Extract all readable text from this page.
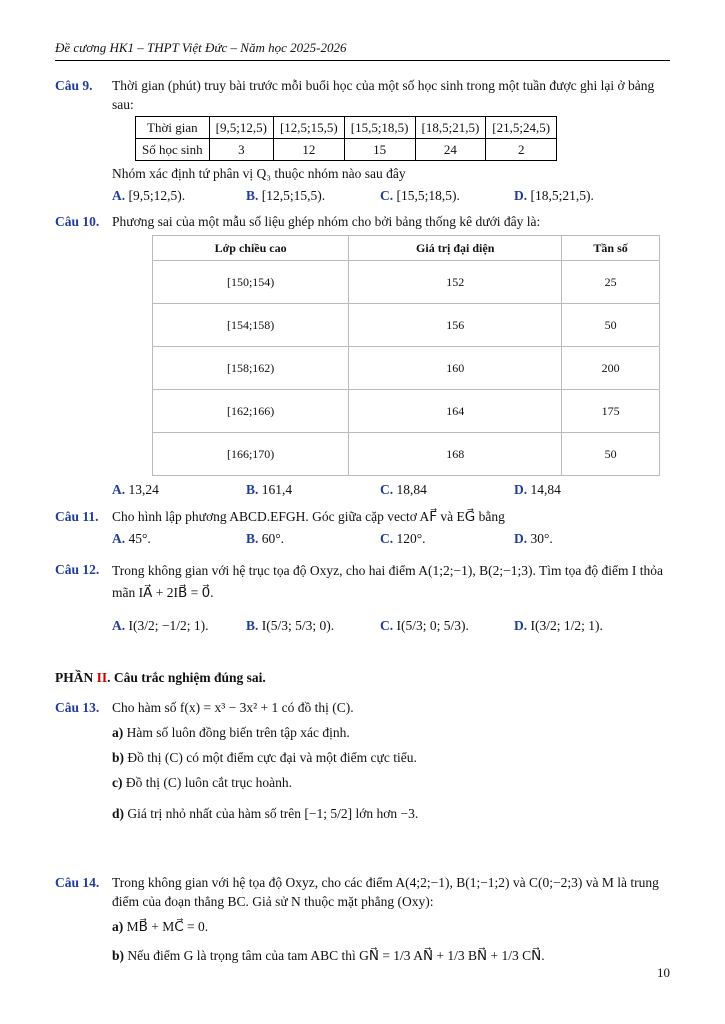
Đề cương HK1 – THPT Việt Đức – Năm học 2025-2026
Câu 9. Thời gian (phút) truy bài trước mỗi buổi học của một số học sinh trong một tuần được ghi lại ở bảng sau:
Thời gian	[9,5;12,5)	[12,5;15,5)	[15,5;18,5)	[18,5;21,5)	[21,5;24,5)
Số học sinh	3	12	15	24	2
Nhóm xác định tứ phân vị Q₃ thuộc nhóm nào sau đây
A. [9,5;12,5).	B. [12,5;15,5).	C. [15,5;18,5).	D. [18,5;21,5).
Câu 10. Phương sai của một mẫu số liệu ghép nhóm cho bởi bảng thống kê dưới đây là:
Lớp chiều cao	Giá trị đại diện	Tần số
[150;154)	152	25
[154;158)	156	50
[158;162)	160	200
[162;166)	164	175
[166;170)	168	50
A. 13,24	B. 161,4	C. 18,84	D. 14,84
Câu 11. Cho hình lập phương ABCD.EFGH. Góc giữa cặp vectơ AF⃗ và EG⃗ bằng
A. 45°.	B. 60°.	C. 120°.	D. 30°.
Câu 12. Trong không gian với hệ trục tọa độ Oxyz, cho hai điểm A(1;2;−1), B(2;−1;3). Tìm tọa độ điểm I thỏa mãn IA⃗ + 2IB⃗ = 0⃗.
A. I(3/2; −1/2; 1).	B. I(5/3; 5/3; 0).	C. I(5/3; 0; 5/3).	D. I(3/2; 1/2; 1).
PHẦN II. Câu trắc nghiệm đúng sai.
Câu 13. Cho hàm số f(x) = x³ − 3x² + 1 có đồ thị (C).
a) Hàm số luôn đồng biến trên tập xác định.
b) Đồ thị (C) có một điểm cực đại và một điểm cực tiểu.
c) Đồ thị (C) luôn cắt trục hoành.
d) Giá trị nhỏ nhất của hàm số trên [−1; 5/2] lớn hơn −3.
Câu 14. Trong không gian với hệ tọa độ Oxyz, cho các điểm A(4;2;−1), B(1;−1;2) và C(0;−2;3) và M là trung điểm của đoạn thẳng BC. Giả sử N thuộc mặt phẳng (Oxy):
a) MB⃗ + MC⃗ = 0.
b) Nếu điểm G là trọng tâm của tam ABC thì GN⃗ = 1/3 AN⃗ + 1/3 BN⃗ + 1/3 CN⃗.
10
